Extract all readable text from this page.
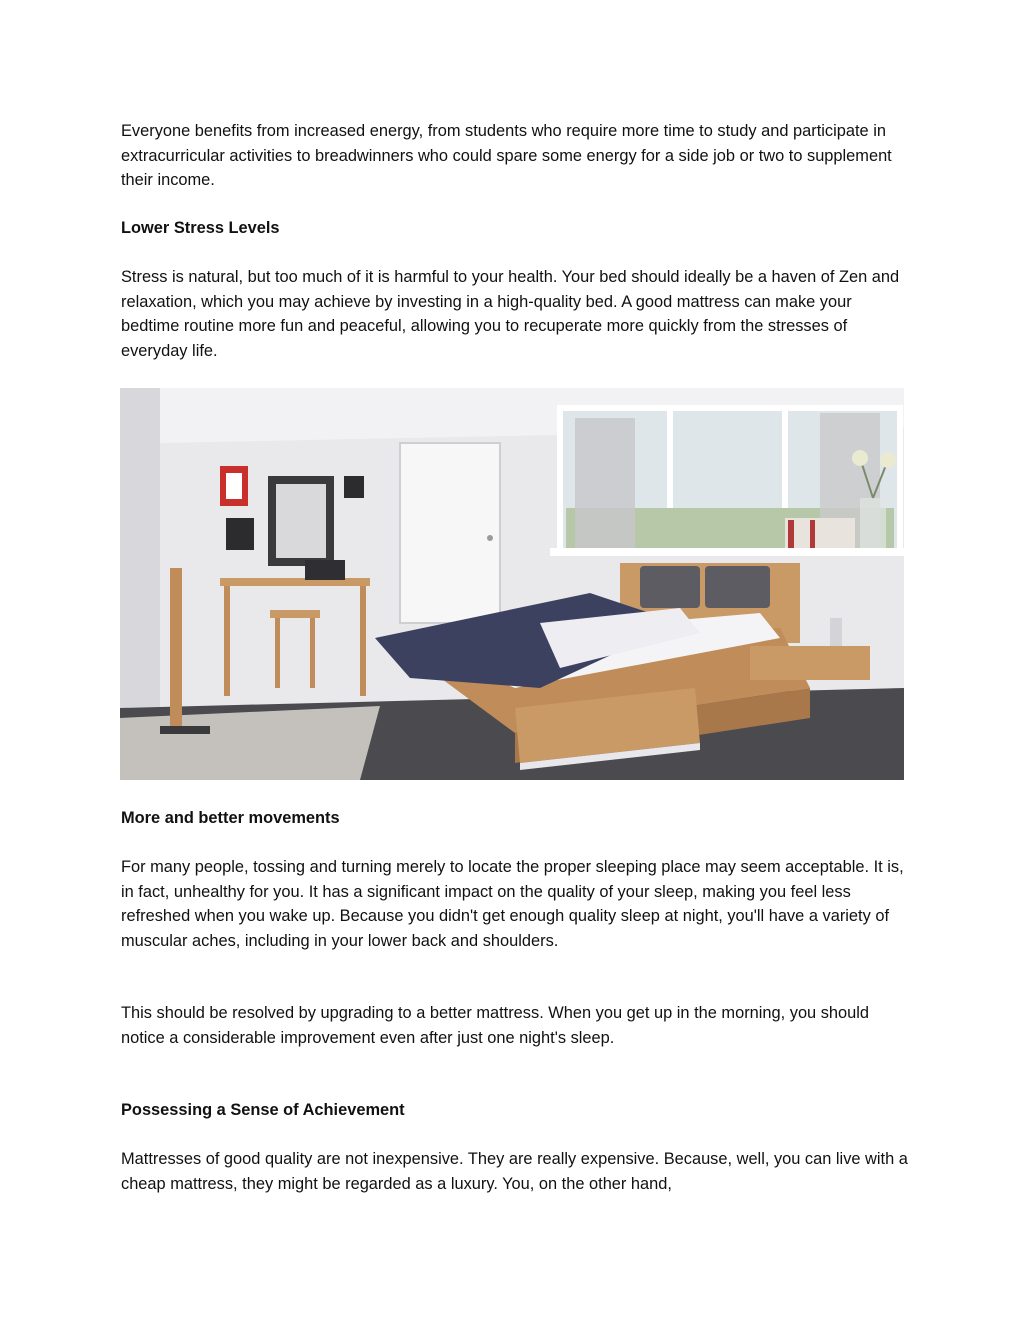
Everyone benefits from increased energy, from students who require more time to study and participate in extracurricular activities to breadwinners who could spare some energy for a side job or two to supplement their income.

Lower Stress Levels

Stress is natural, but too much of it is harmful to your health. Your bed should ideally be a haven of Zen and relaxation, which you may achieve by investing in a high-quality bed. A good mattress can make your bedtime routine more fun and peaceful, allowing you to recuperate more quickly from the stresses of everyday life.

More and better movements

For many people, tossing and turning merely to locate the proper sleeping place may seem acceptable. It is, in fact, unhealthy for you. It has a significant impact on the quality of your sleep, making you feel less refreshed when you wake up. Because you didn't get enough quality sleep at night, you'll have a variety of muscular aches, including in your lower back and shoulders.

This should be resolved by upgrading to a better mattress. When you get up in the morning, you should notice a considerable improvement even after just one night's sleep.

Possessing a Sense of Achievement

Mattresses of good quality are not inexpensive. They are really expensive. Because, well, you can live with a cheap mattress, they might be regarded as a luxury. You, on the other hand,
